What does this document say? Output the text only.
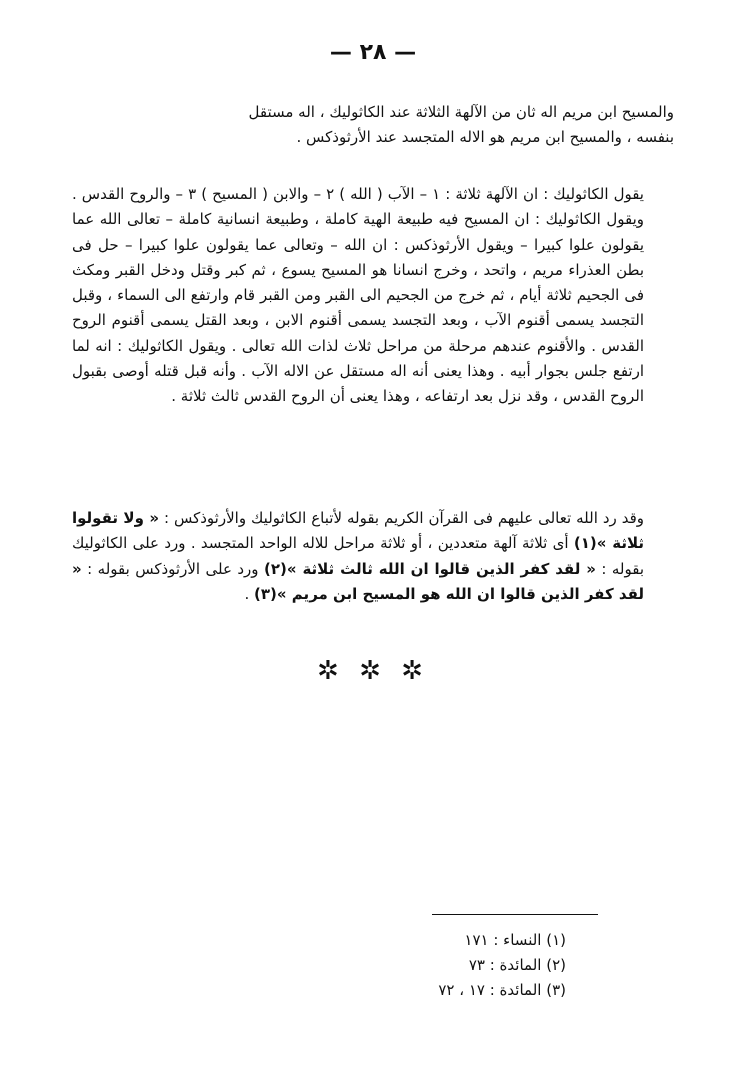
— ٢٨ —

والمسيح ابن مريم اله ثان من الآلهة الثلاثة عند الكاثوليك ، اله مستقل

بنفسه ، والمسيح ابن مريم هو الاله المتجسد عند الأرثوذكس .

يقول الكاثوليك : ان الآلهة ثلاثة : ١ – الآب ( الله ) ٢ – والابن ( المسيح ) ٣ – والروح القدس . ويقول الكاثوليك : ان المسيح فيه طبيعة الهية كاملة ، وطبيعة انسانية كاملة – تعالى الله عما يقولون علوا كبيرا – ويقول الأرثوذكس : ان الله – وتعالى عما يقولون علوا كبيرا – حل فى بطن العذراء مريم ، واتحد ، وخرج انسانا هو المسيح يسوع ، ثم كبر وقتل ودخل القبر ومكث فى الجحيم ثلاثة أيام ، ثم خرج من الجحيم الى القبر ومن القبر قام وارتفع الى السماء ، وقبل التجسد يسمى أقنوم الآب ، وبعد التجسد يسمى أقنوم الابن ، وبعد القتل يسمى أقنوم الروح القدس . والأقنوم عندهم مرحلة من مراحل ثلاث لذات الله تعالى . ويقول الكاثوليك : انه لما ارتفع جلس بجوار أبيه . وهذا يعنى أنه اله مستقل عن الاله الآب . وأنه قبل قتله أوصى بقبول الروح القدس ، وقد نزل بعد ارتفاعه ، وهذا يعنى أن الروح القدس ثالث ثلاثة .

وقد رد الله تعالى عليهم فى القرآن الكريم بقوله لأتباع الكاثوليك والأرثوذكس : « ولا تقولوا ثلاثة »(١) أى ثلاثة آلهة متعددين ، أو ثلاثة مراحل للاله الواحد المتجسد . ورد على الكاثوليك بقوله : « لقد كفر الذين قالوا ان الله ثالث ثلاثة »(٢) ورد على الأرثوذكس بقوله : « لقد كفر الذين قالوا ان الله هو المسيح ابن مريم »(٣) .

✲ ✲ ✲
(١) النساء : ١٧١
(٢) المائدة : ٧٣
(٣) المائدة : ١٧ ، ٧٢
